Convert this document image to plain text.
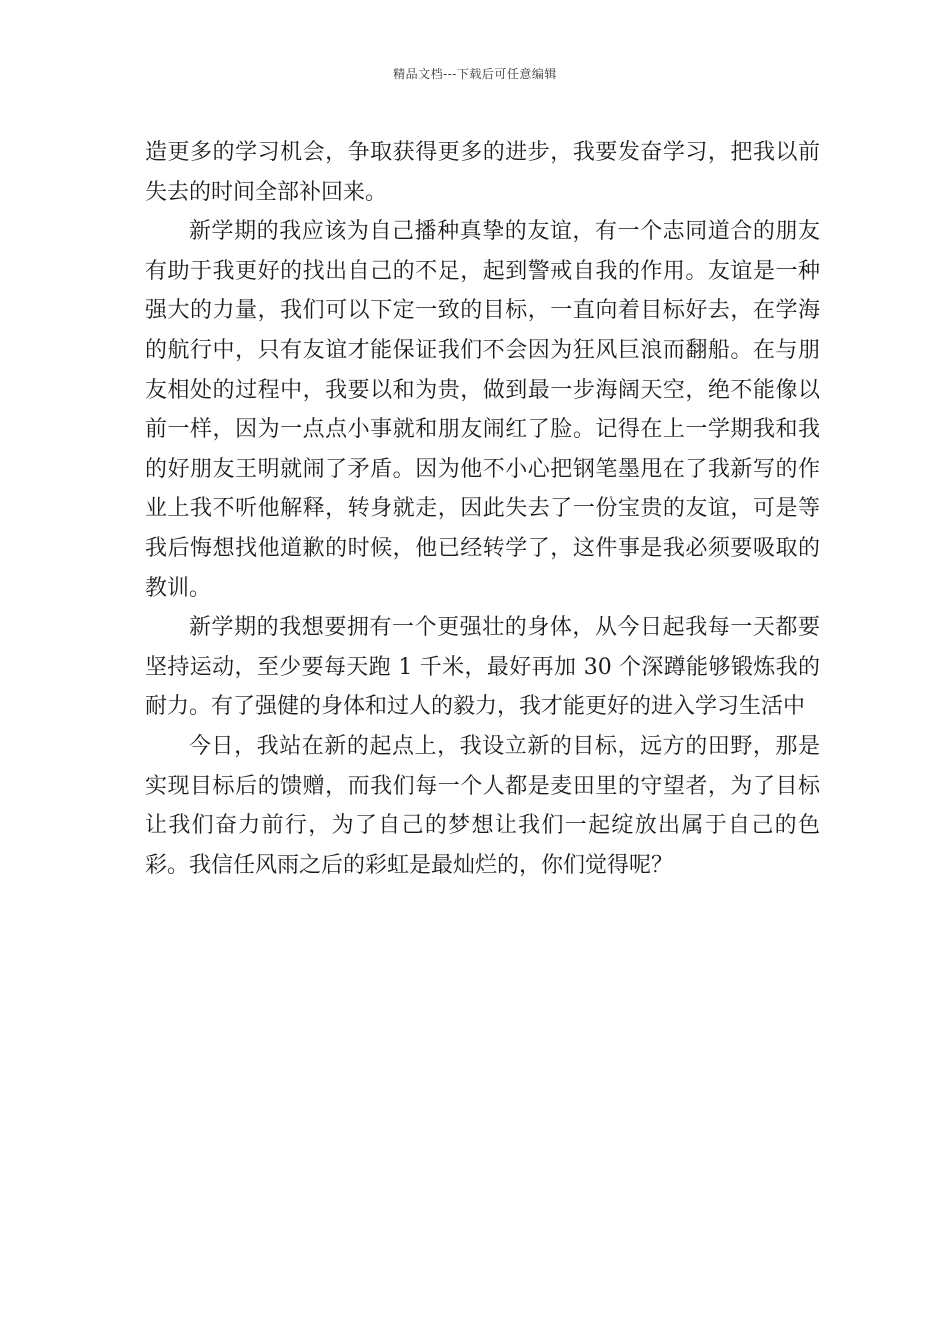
精品文档---下载后可任意编辑

造更多的学习机会，争取获得更多的进步，我要发奋学习，把我以前失去的时间全部补回来。

新学期的我应该为自己播种真挚的友谊，有一个志同道合的朋友有助于我更好的找出自己的不足，起到警戒自我的作用。友谊是一种强大的力量，我们可以下定一致的目标，一直向着目标好去，在学海的航行中，只有友谊才能保证我们不会因为狂风巨浪而翻船。在与朋友相处的过程中，我要以和为贵，做到最一步海阔天空，绝不能像以前一样，因为一点点小事就和朋友闹红了脸。记得在上一学期我和我的好朋友王明就闹了矛盾。因为他不小心把钢笔墨甩在了我新写的作业上我不听他解释，转身就走，因此失去了一份宝贵的友谊，可是等我后悔想找他道歉的时候，他已经转学了，这件事是我必须要吸取的教训。

新学期的我想要拥有一个更强壮的身体，从今日起我每一天都要坚持运动，至少要每天跑 1 千米，最好再加 30 个深蹲能够锻炼我的耐力。有了强健的身体和过人的毅力，我才能更好的进入学习生活中

今日，我站在新的起点上，我设立新的目标，远方的田野，那是实现目标后的馈赠，而我们每一个人都是麦田里的守望者，为了目标让我们奋力前行，为了自己的梦想让我们一起绽放出属于自己的色彩。我信任风雨之后的彩虹是最灿烂的，你们觉得呢？
